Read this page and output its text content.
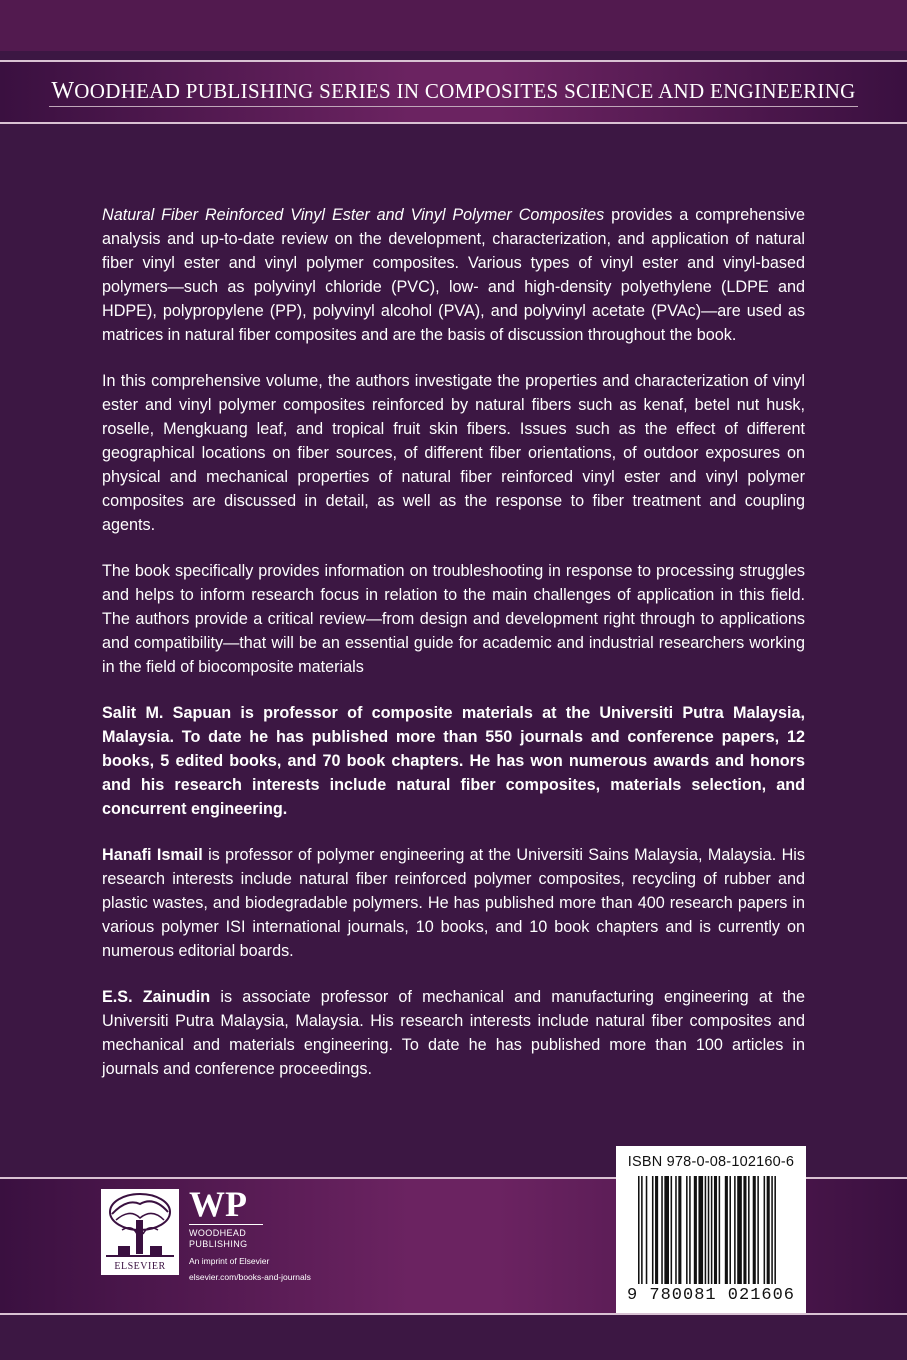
WOODHEAD PUBLISHING SERIES IN COMPOSITES SCIENCE AND ENGINEERING

Natural Fiber Reinforced Vinyl Ester and Vinyl Polymer Composites provides a comprehensive analysis and up-to-date review on the development, characterization, and application of natural fiber vinyl ester and vinyl polymer composites. Various types of vinyl ester and vinyl-based polymers—such as polyvinyl chloride (PVC), low- and high-density polyethylene (LDPE and HDPE), polypropylene (PP), polyvinyl alcohol (PVA), and polyvinyl acetate (PVAc)—are used as matrices in natural fiber composites and are the basis of discussion throughout the book.

In this comprehensive volume, the authors investigate the properties and characterization of vinyl ester and vinyl polymer composites reinforced by natural fibers such as kenaf, betel nut husk, roselle, Mengkuang leaf, and tropical fruit skin fibers. Issues such as the effect of different geographical locations on fiber sources, of different fiber orientations, of outdoor exposures on physical and mechanical properties of natural fiber reinforced vinyl ester and vinyl polymer composites are discussed in detail, as well as the response to fiber treatment and coupling agents.

The book specifically provides information on troubleshooting in response to processing struggles and helps to inform research focus in relation to the main challenges of application in this field. The authors provide a critical review—from design and development right through to applications and compatibility—that will be an essential guide for academic and industrial researchers working in the field of biocomposite materials

Salit M. Sapuan is professor of composite materials at the Universiti Putra Malaysia, Malaysia. To date he has published more than 550 journals and conference papers, 12 books, 5 edited books, and 70 book chapters. He has won numerous awards and honors and his research interests include natural fiber composites, materials selection, and concurrent engineering.

Hanafi Ismail is professor of polymer engineering at the Universiti Sains Malaysia, Malaysia. His research interests include natural fiber reinforced polymer composites, recycling of rubber and plastic wastes, and biodegradable polymers. He has published more than 400 research papers in various polymer ISI international journals, 10 books, and 10 book chapters and is currently on numerous editorial boards.

E.S. Zainudin is associate professor of mechanical and manufacturing engineering at the Universiti Putra Malaysia, Malaysia. His research interests include natural fiber composites and mechanical and materials engineering. To date he has published more than 100 articles in journals and conference proceedings.

ELSEVIER
WP
WOODHEAD
PUBLISHING
An imprint of Elsevier
elsevier.com/books-and-journals
ISBN 978-0-08-102160-6
9 780081 021606
